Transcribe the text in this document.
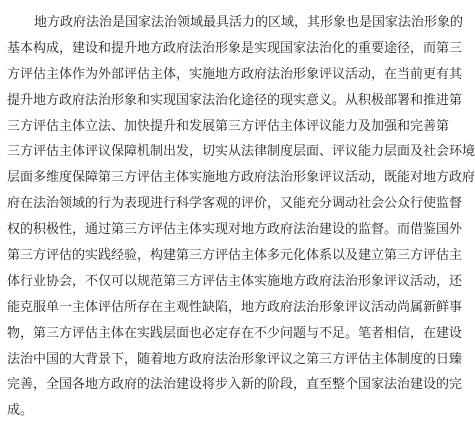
地方政府法治是国家法治领域最具活力的区域，其形象也是国家法治形象的
基本构成，建设和提升地方政府法治形象是实现国家法治化的重要途径，而第三
方评估主体作为外部评估主体，实施地方政府法治形象评议活动，在当前更有其
提升地方政府法治形象和实现国家法治化途径的现实意义。从积极部署和推进第
三方评估主体立法、加快提升和发展第三方评估主体评议能力及加强和完善第
三方评估主体评议保障机制出发，切实从法律制度层面、评议能力层面及社会环境
层面多维度保障第三方评估主体实施地方政府法治形象评议活动，既能对地方政府
府在法治领域的行为表现进行科学客观的评价，又能充分调动社会公众行使监督
权的积极性，通过第三方评估主体实现对地方政府法治建设的监督。而借鉴国外
第三方评估的实践经验，构建第三方评估主体多元化体系以及建立第三方评估主
体行业协会，不仅可以规范第三方评估主体实施地方政府法治形象评议活动，还
能克服单一主体评估所存在主观性缺陷，地方政府法治形象评议活动尚属新鲜事
物，第三方评估主体在实践层面也必定存在不少问题与不足。笔者相信，在建设
法治中国的大背景下，随着地方政府法治形象评议之第三方评估主体制度的日臻
完善，全国各地方政府的法治建设将步入新的阶段，直至整个国家法治建设的完
成。
